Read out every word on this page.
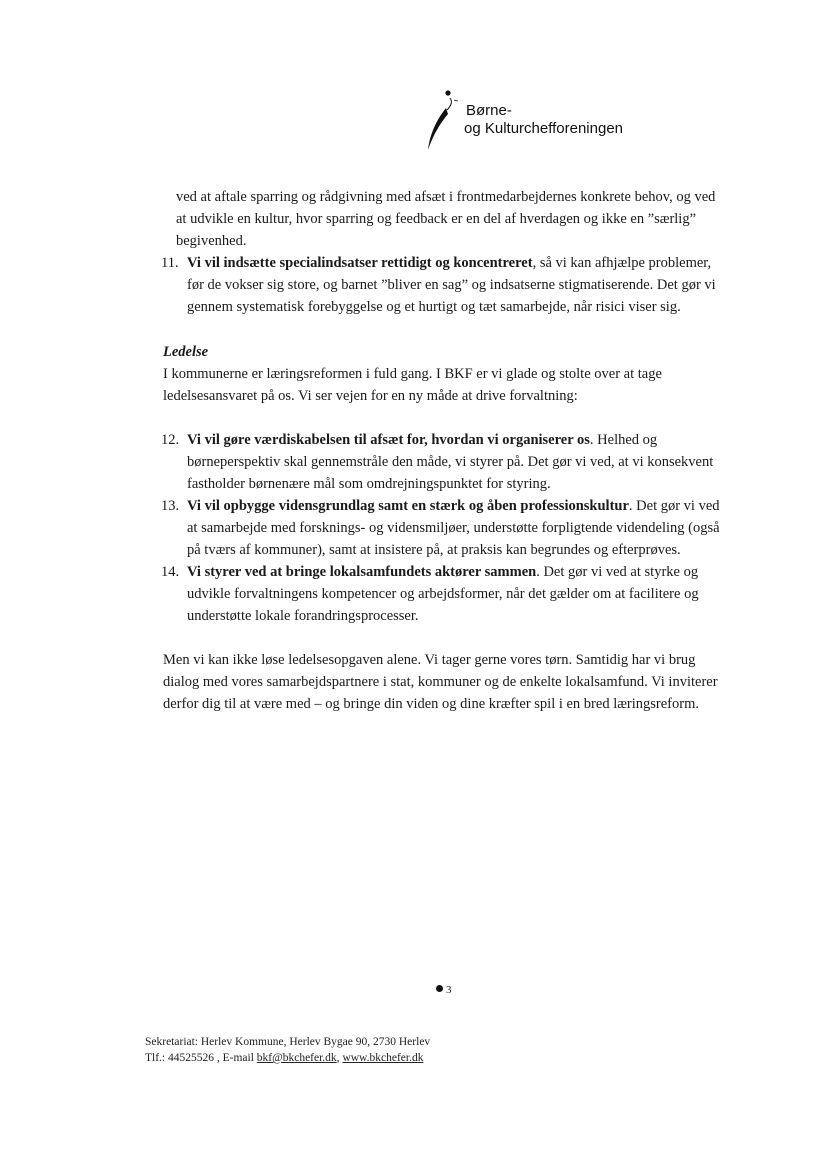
Børne-
og Kulturchefforeningen

ved at aftale sparring og rådgivning med afsæt i frontmedarbejdernes konkrete behov, og ved at udvikle en kultur, hvor sparring og feedback er en del af hverdagen og ikke en ”særlig” begivenhed.

11. Vi vil indsætte specialindsatser rettidigt og koncentreret, så vi kan afhjælpe problemer, før de vokser sig store, og barnet ”bliver en sag” og indsatserne stigmatiserende. Det gør vi gennem systematisk forebyggelse og et hurtigt og tæt samarbejde, når risici viser sig.

Ledelse

I kommunerne er læringsreformen i fuld gang. I BKF er vi glade og stolte over at tage ledelsesansvaret på os. Vi ser vejen for en ny måde at drive forvaltning:

12. Vi vil gøre værdiskabelsen til afsæt for, hvordan vi organiserer os. Helhed og børneperspektiv skal gennemstråle den måde, vi styrer på. Det gør vi ved, at vi konsekvent fastholder børnenære mål som omdrejningspunktet for styring.

13. Vi vil opbygge vidensgrundlag samt en stærk og åben professionskultur. Det gør vi ved at samarbejde med forsknings- og vidensmiljøer, understøtte forpligtende videndeling (også på tværs af kommuner), samt at insistere på, at praksis kan begrundes og efterprøves.

14. Vi styrer ved at bringe lokalsamfundets aktører sammen. Det gør vi ved at styrke og udvikle forvaltningens kompetencer og arbejdsformer, når det gælder om at facilitere og understøtte lokale forandringsprocesser.

Men vi kan ikke løse ledelsesopgaven alene. Vi tager gerne vores tørn. Samtidig har vi brug dialog med vores samarbejdspartnere i stat, kommuner og de enkelte lokalsamfund. Vi inviterer derfor dig til at være med – og bringe din viden og dine kræfter spil i en bred læringsreform.

3
Sekretariat: Herlev Kommune, Herlev Bygae 90, 2730 Herlev
Tlf.: 44525526 , E-mail bkf@bkchefer.dk, www.bkchefer.dk
